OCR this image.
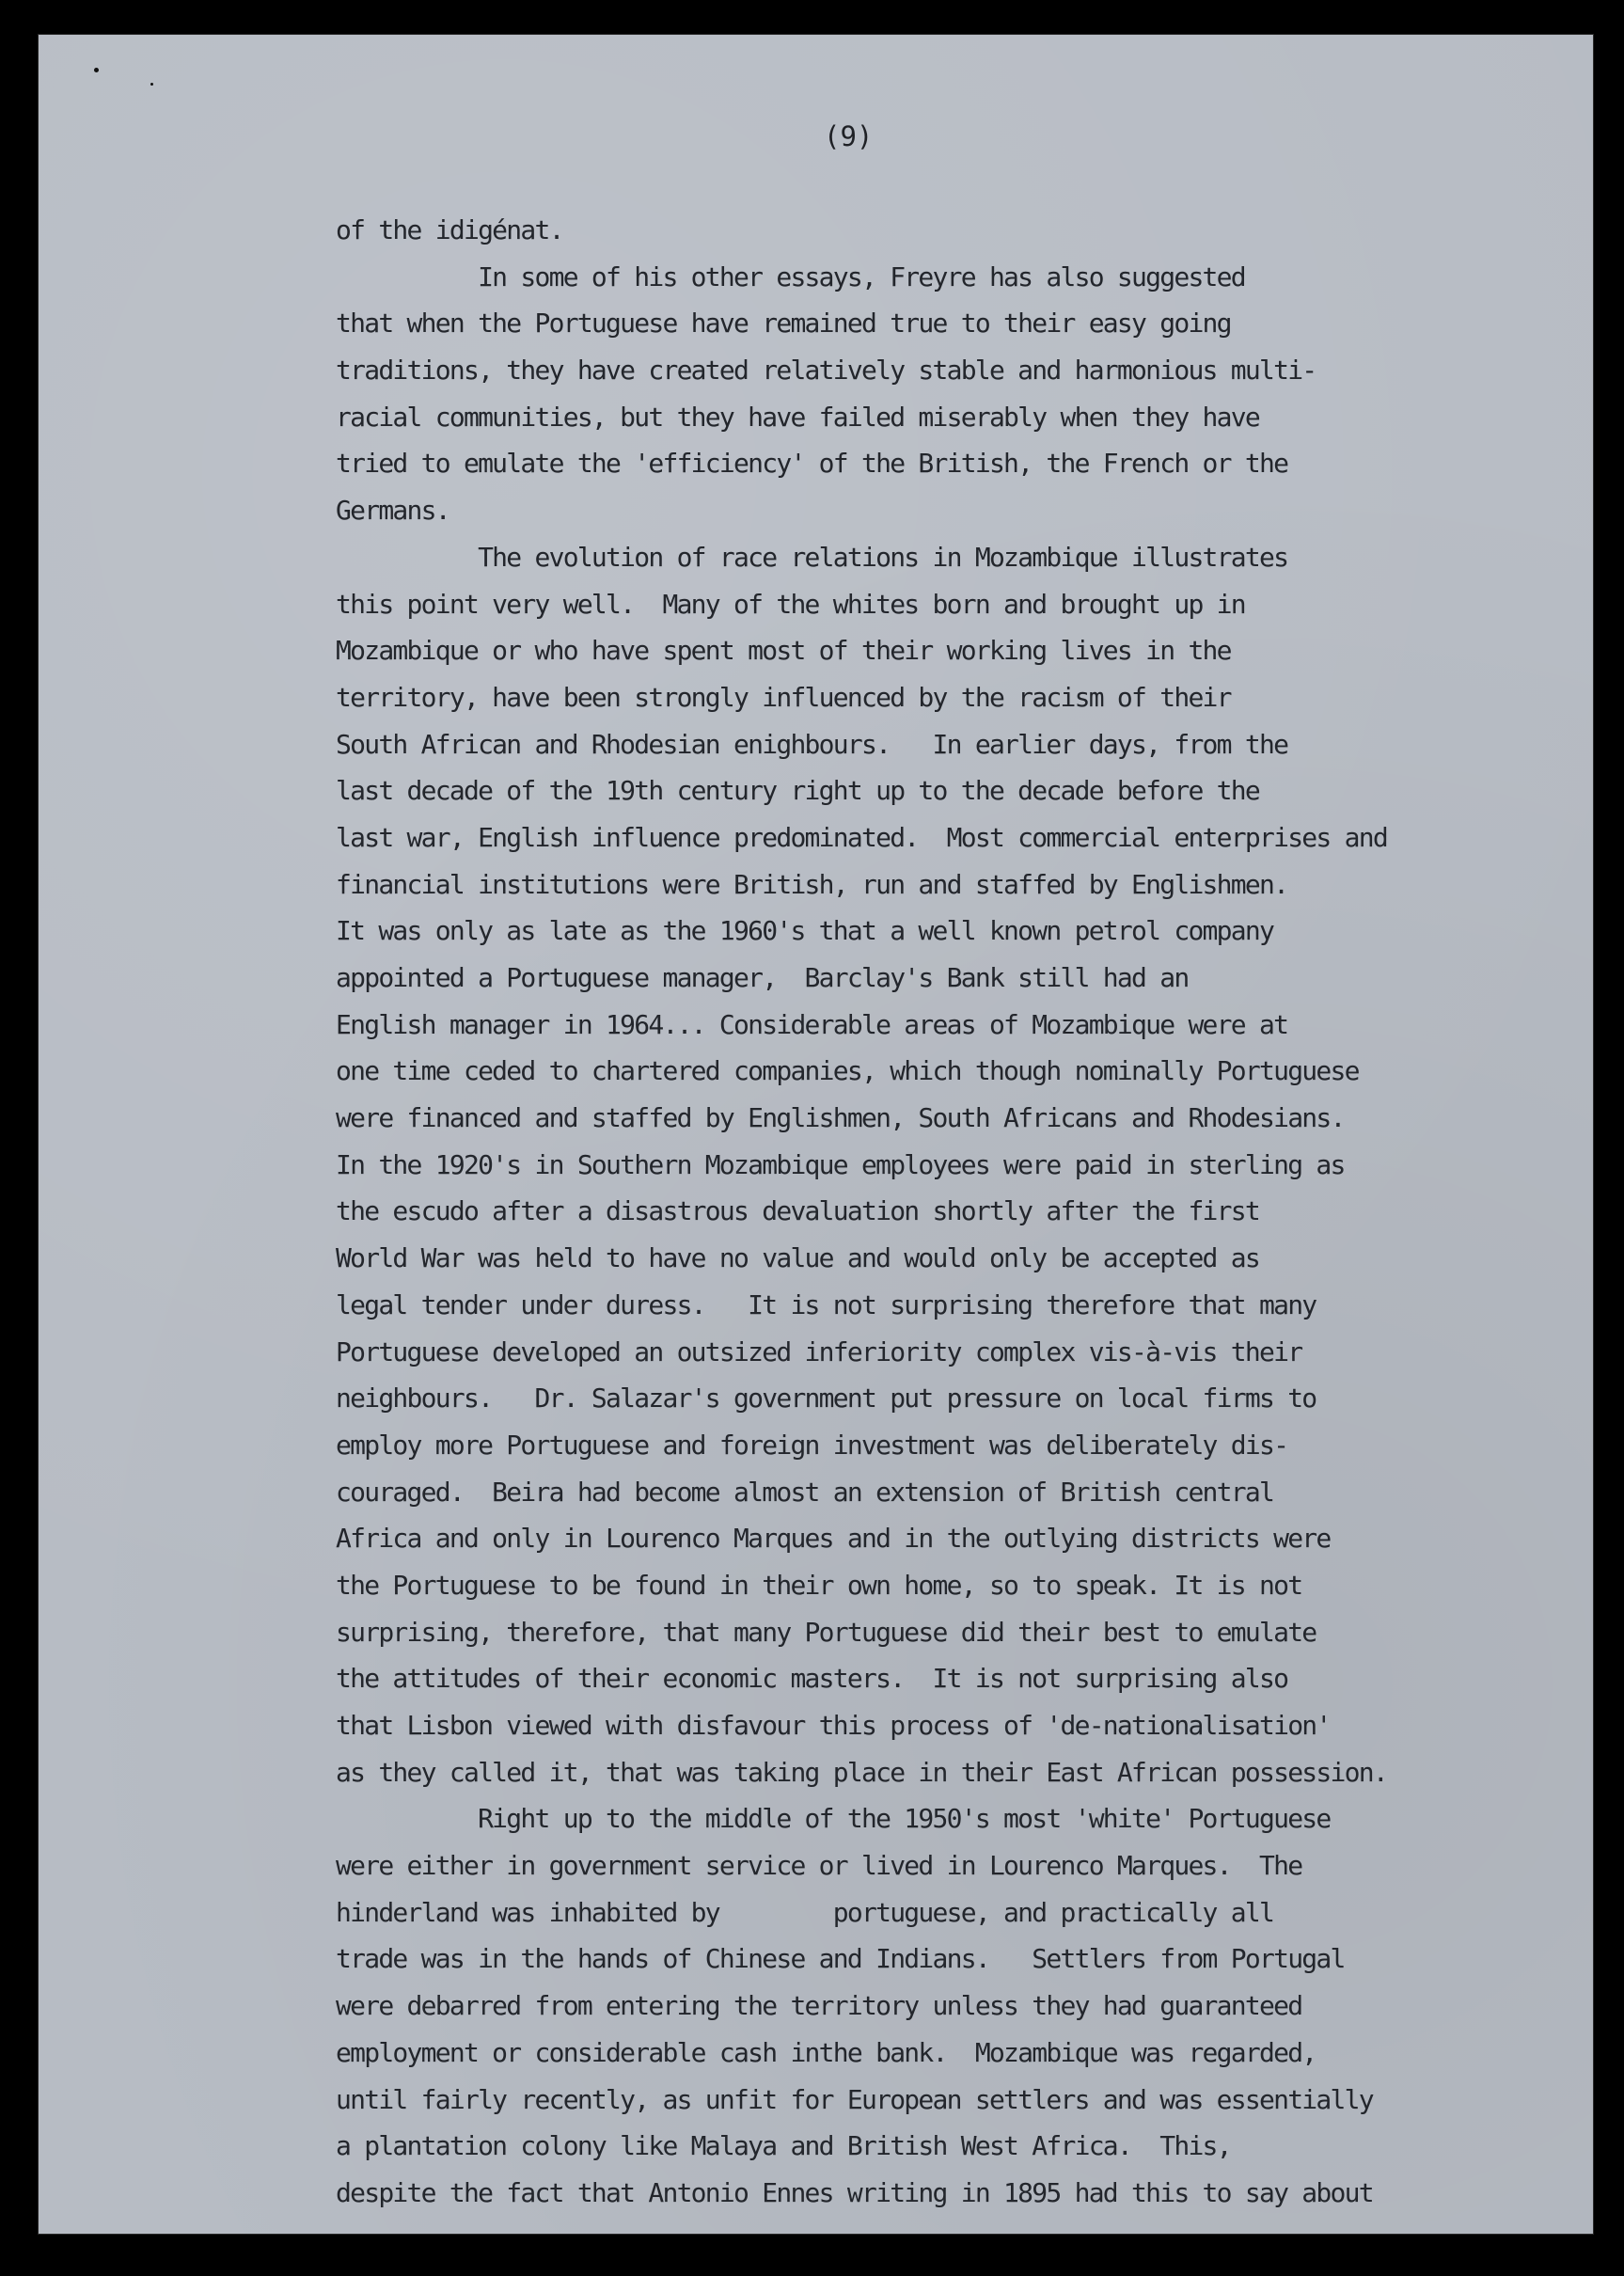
(9)
of the idigénat.
In some of his other essays, Freyre has also suggested
that when the Portuguese have remained true to their easy going
traditions, they have created relatively stable and harmonious multi-
racial communities, but they have failed miserably when they have
tried to emulate the 'efficiency' of the British, the French or the
Germans.
The evolution of race relations in Mozambique illustrates
this point very well.  Many of the whites born and brought up in
Mozambique or who have spent most of their working lives in the
territory, have been strongly influenced by the racism of their
South African and Rhodesian enighbours.   In earlier days, from the
last decade of the 19th century right up to the decade before the
last war, English influence predominated.  Most commercial enterprises and
financial institutions were British, run and staffed by Englishmen.
It was only as late as the 1960's that a well known petrol company
appointed a Portuguese manager,  Barclay's Bank still had an
English manager in 1964... Considerable areas of Mozambique were at
one time ceded to chartered companies, which though nominally Portuguese
were financed and staffed by Englishmen, South Africans and Rhodesians.
In the 1920's in Southern Mozambique employees were paid in sterling as
the escudo after a disastrous devaluation shortly after the first
World War was held to have no value and would only be accepted as
legal tender under duress.   It is not surprising therefore that many
Portuguese developed an outsized inferiority complex vis-à-vis their
neighbours.   Dr. Salazar's government put pressure on local firms to
employ more Portuguese and foreign investment was deliberately dis-
couraged.  Beira had become almost an extension of British central
Africa and only in Lourenco Marques and in the outlying districts were
the Portuguese to be found in their own home, so to speak. It is not
surprising, therefore, that many Portuguese did their best to emulate
the attitudes of their economic masters.  It is not surprising also
that Lisbon viewed with disfavour this process of 'de-nationalisation'
as they called it, that was taking place in their East African possession.
Right up to the middle of the 1950's most 'white' Portuguese
were either in government service or lived in Lourenco Marques.  The
hinderland was inhabited by        portuguese, and practically all
trade was in the hands of Chinese and Indians.   Settlers from Portugal
were debarred from entering the territory unless they had guaranteed
employment or considerable cash inthe bank.  Mozambique was regarded,
until fairly recently, as unfit for European settlers and was essentially
a plantation colony like Malaya and British West Africa.  This,
despite the fact that Antonio Ennes writing in 1895 had this to say about
